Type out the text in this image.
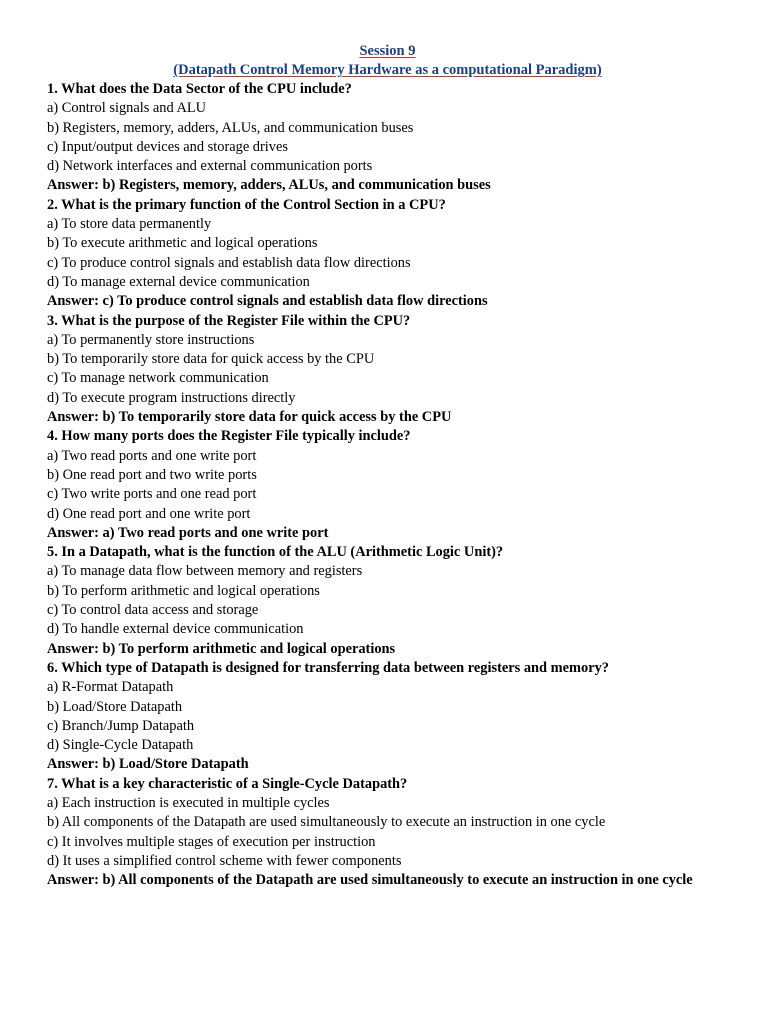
Session 9
(Datapath Control Memory Hardware as a computational Paradigm)
1. What does the Data Sector of the CPU include?
a) Control signals and ALU
b) Registers, memory, adders, ALUs, and communication buses
c) Input/output devices and storage drives
d) Network interfaces and external communication ports
Answer: b) Registers, memory, adders, ALUs, and communication buses
2. What is the primary function of the Control Section in a CPU?
a) To store data permanently
b) To execute arithmetic and logical operations
c) To produce control signals and establish data flow directions
d) To manage external device communication
Answer: c) To produce control signals and establish data flow directions
3. What is the purpose of the Register File within the CPU?
a) To permanently store instructions
b) To temporarily store data for quick access by the CPU
c) To manage network communication
d) To execute program instructions directly
Answer: b) To temporarily store data for quick access by the CPU
4. How many ports does the Register File typically include?
a) Two read ports and one write port
b) One read port and two write ports
c) Two write ports and one read port
d) One read port and one write port
Answer: a) Two read ports and one write port
5. In a Datapath, what is the function of the ALU (Arithmetic Logic Unit)?
a) To manage data flow between memory and registers
b) To perform arithmetic and logical operations
c) To control data access and storage
d) To handle external device communication
Answer: b) To perform arithmetic and logical operations
6. Which type of Datapath is designed for transferring data between registers and memory?
a) R-Format Datapath
b) Load/Store Datapath
c) Branch/Jump Datapath
d) Single-Cycle Datapath
Answer: b) Load/Store Datapath
7. What is a key characteristic of a Single-Cycle Datapath?
a) Each instruction is executed in multiple cycles
b) All components of the Datapath are used simultaneously to execute an instruction in one cycle
c) It involves multiple stages of execution per instruction
d) It uses a simplified control scheme with fewer components
Answer: b) All components of the Datapath are used simultaneously to execute an instruction in one cycle
